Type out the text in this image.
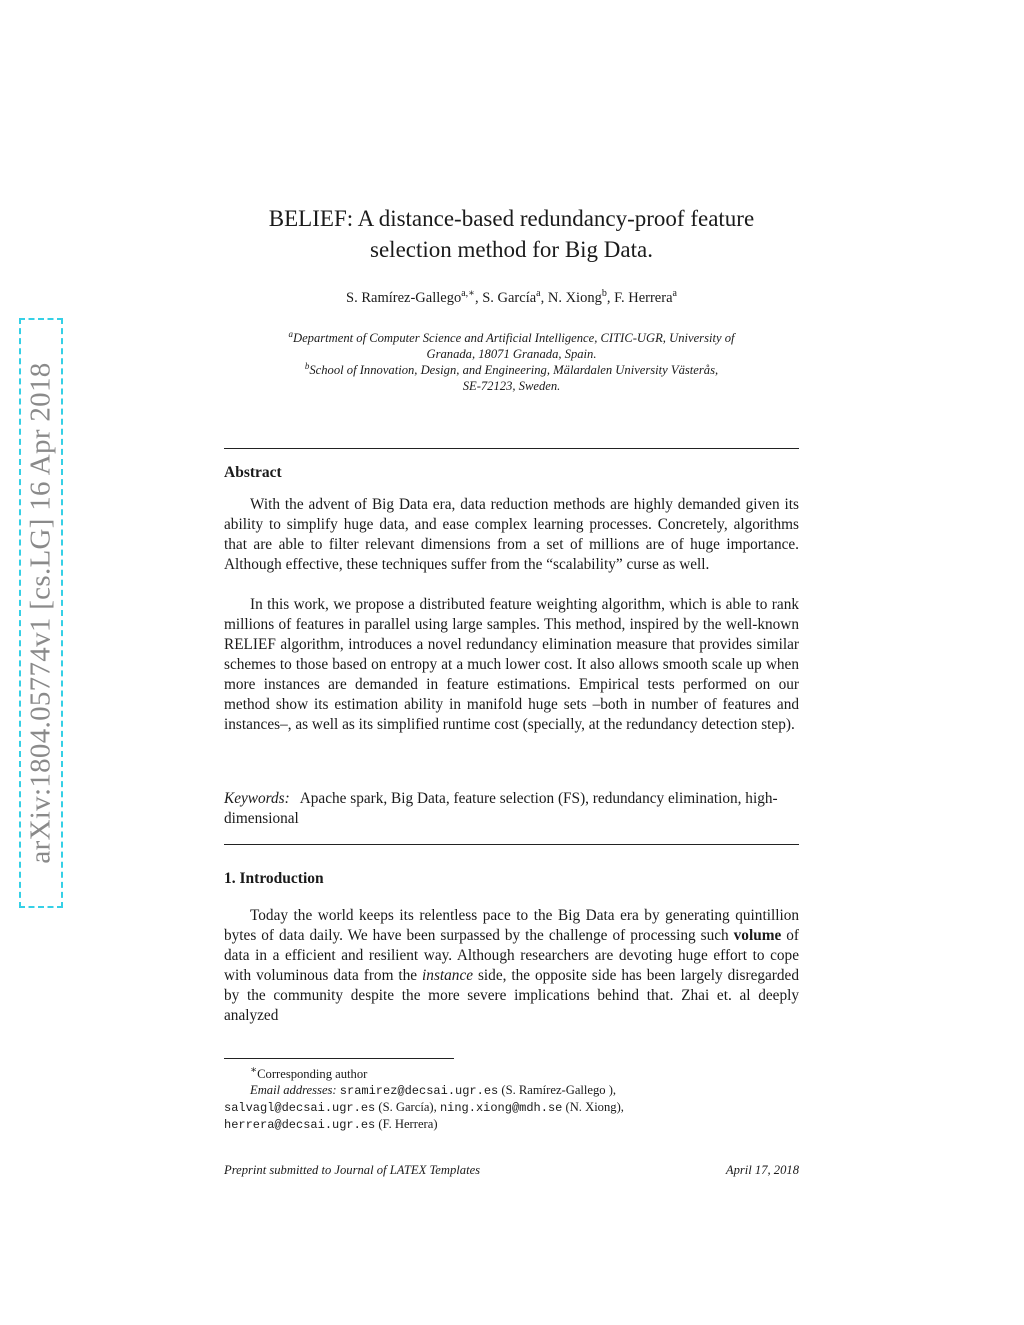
arXiv:1804.05774v1 [cs.LG] 16 Apr 2018
BELIEF: A distance-based redundancy-proof feature
selection method for Big Data.
S. Ramírez-Gallego$^{a,∗}$, S. García$^a$, N. Xiong$^b$, F. Herrera$^a$
$^a$Department of Computer Science and Artificial Intelligence, CITIC-UGR, University of
Granada, 18071 Granada, Spain.
$^b$School of Innovation, Design, and Engineering, Mälardalen University Västerås,
SE-72123, Sweden.
Abstract

With the advent of Big Data era, data reduction methods are highly demanded given its ability to simplify huge data, and ease complex learning processes. Concretely, algorithms that are able to filter relevant dimensions from a set of millions are of huge importance. Although effective, these techniques suffer from the “scalability” curse as well.

In this work, we propose a distributed feature weighting algorithm, which is able to rank millions of features in parallel using large samples. This method, inspired by the well-known RELIEF algorithm, introduces a novel redundancy elimination measure that provides similar schemes to those based on entropy at a much lower cost. It also allows smooth scale up when more instances are demanded in feature estimations. Empirical tests performed on our method show its estimation ability in manifold huge sets –both in number of features and instances–, as well as its simplified runtime cost (specially, at the redundancy detection step).

Keywords: Apache spark, Big Data, feature selection (FS), redundancy elimination, high-dimensional
1. Introduction

Today the world keeps its relentless pace to the Big Data era by generating quintillion bytes of data daily. We have been surpassed by the challenge of processing such volume of data in a efficient and resilient way. Although researchers are devoting huge effort to cope with voluminous data from the instance side, the opposite side has been largely disregarded by the community despite the more severe implications behind that. Zhai et. al deeply analyzed

∗Corresponding author
Email addresses: sramirez@decsai.ugr.es (S. Ramírez-Gallego ),
salvagl@decsai.ugr.es (S. García), ning.xiong@mdh.se (N. Xiong),
herrera@decsai.ugr.es (F. Herrera)
Preprint submitted to Journal of LATEX Templates	April 17, 2018
